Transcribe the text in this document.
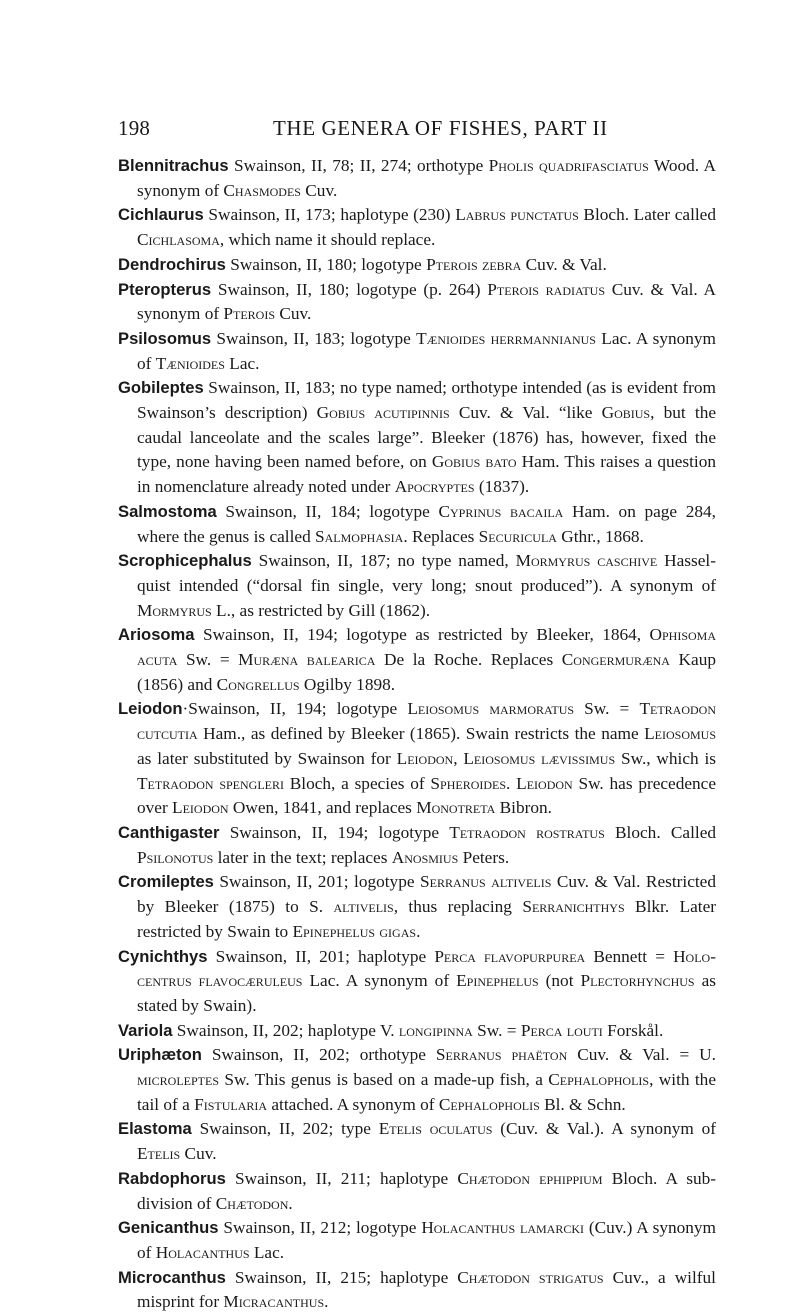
198	THE GENERA OF FISHES, PART II

Blennitrachus Swainson, II, 78; II, 274; orthotype Pholis quadrifasciatus Wood. A synonym of Chasmodes Cuv.

Cichlaurus Swainson, II, 173; haplotype (230) Labrus punctatus Bloch. Later called Cichlasoma, which name it should replace.

Dendrochirus Swainson, II, 180; logotype Pterois zebra Cuv. & Val.

Pteropterus Swainson, II, 180; logotype (p. 264) Pterois radiatus Cuv. & Val. A synonym of Pterois Cuv.

Psilosomus Swainson, II, 183; logotype Tænioides herrmannianus Lac. A synonym of Tænioides Lac.

Gobileptes Swainson, II, 183; no type named; orthotype intended (as is evident from Swainson’s description) Gobius acutipinnis Cuv. & Val. “like Gobius, but the caudal lanceolate and the scales large”. Bleeker (1876) has, however, fixed the type, none having been named before, on Gobius bato Ham. This raises a question in nomenclature already noted under Apocryptes (1837).

Salmostoma Swainson, II, 184; logotype Cyprinus bacaila Ham. on page 284, where the genus is called Salmophasia. Replaces Securicula Gthr., 1868.

Scrophicephalus Swainson, II, 187; no type named, Mormyrus caschive Hasselquist intended (“dorsal fin single, very long; snout produced”). A synonym of Mormyrus L., as restricted by Gill (1862).

Ariosoma Swainson, II, 194; logotype as restricted by Bleeker, 1864, Ophisoma acuta Sw. = Muræna balearica De la Roche. Replaces Congermuræna Kaup (1856) and Congrellus Ogilby 1898.

Leiodon·Swainson, II, 194; logotype Leiosomus marmoratus Sw. = Tetraodon cutcutia Ham., as defined by Bleeker (1865). Swain restricts the name Leiosomus as later substituted by Swainson for Leiodon, Leiosomus lævissimus Sw., which is Tetraodon spengleri Bloch, a species of Spheroides. Leiodon Sw. has precedence over Leiodon Owen, 1841, and replaces Monotreta Bibron.

Canthigaster Swainson, II, 194; logotype Tetraodon rostratus Bloch. Called Psilonotus later in the text; replaces Anosmius Peters.

Cromileptes Swainson, II, 201; logotype Serranus altivelis Cuv. & Val. Restricted by Bleeker (1875) to S. altivelis, thus replacing Serranichthys Blkr. Later restricted by Swain to Epinephelus gigas.

Cynichthys Swainson, II, 201; haplotype Perca flavopurpurea Bennett = Holocentrus flavocæruleus Lac. A synonym of Epinephelus (not Plectorhynchus as stated by Swain).

Variola Swainson, II, 202; haplotype V. longipinna Sw. = Perca louti Forskål.

Uriphæton Swainson, II, 202; orthotype Serranus phaëton Cuv. & Val. = U. microleptes Sw. This genus is based on a made-up fish, a Cephalopholis, with the tail of a Fistularia attached. A synonym of Cephalopholis Bl. & Schn.

Elastoma Swainson, II, 202; type Etelis oculatus (Cuv. & Val.). A synonym of Etelis Cuv.

Rabdophorus Swainson, II, 211; haplotype Chætodon ephippium Bloch. A subdivision of Chætodon.

Genicanthus Swainson, II, 212; logotype Holacanthus lamarcki (Cuv.) A synonym of Holacanthus Lac.

Microcanthus Swainson, II, 215; haplotype Chætodon strigatus Cuv., a wilful misprint for Micracanthus.
